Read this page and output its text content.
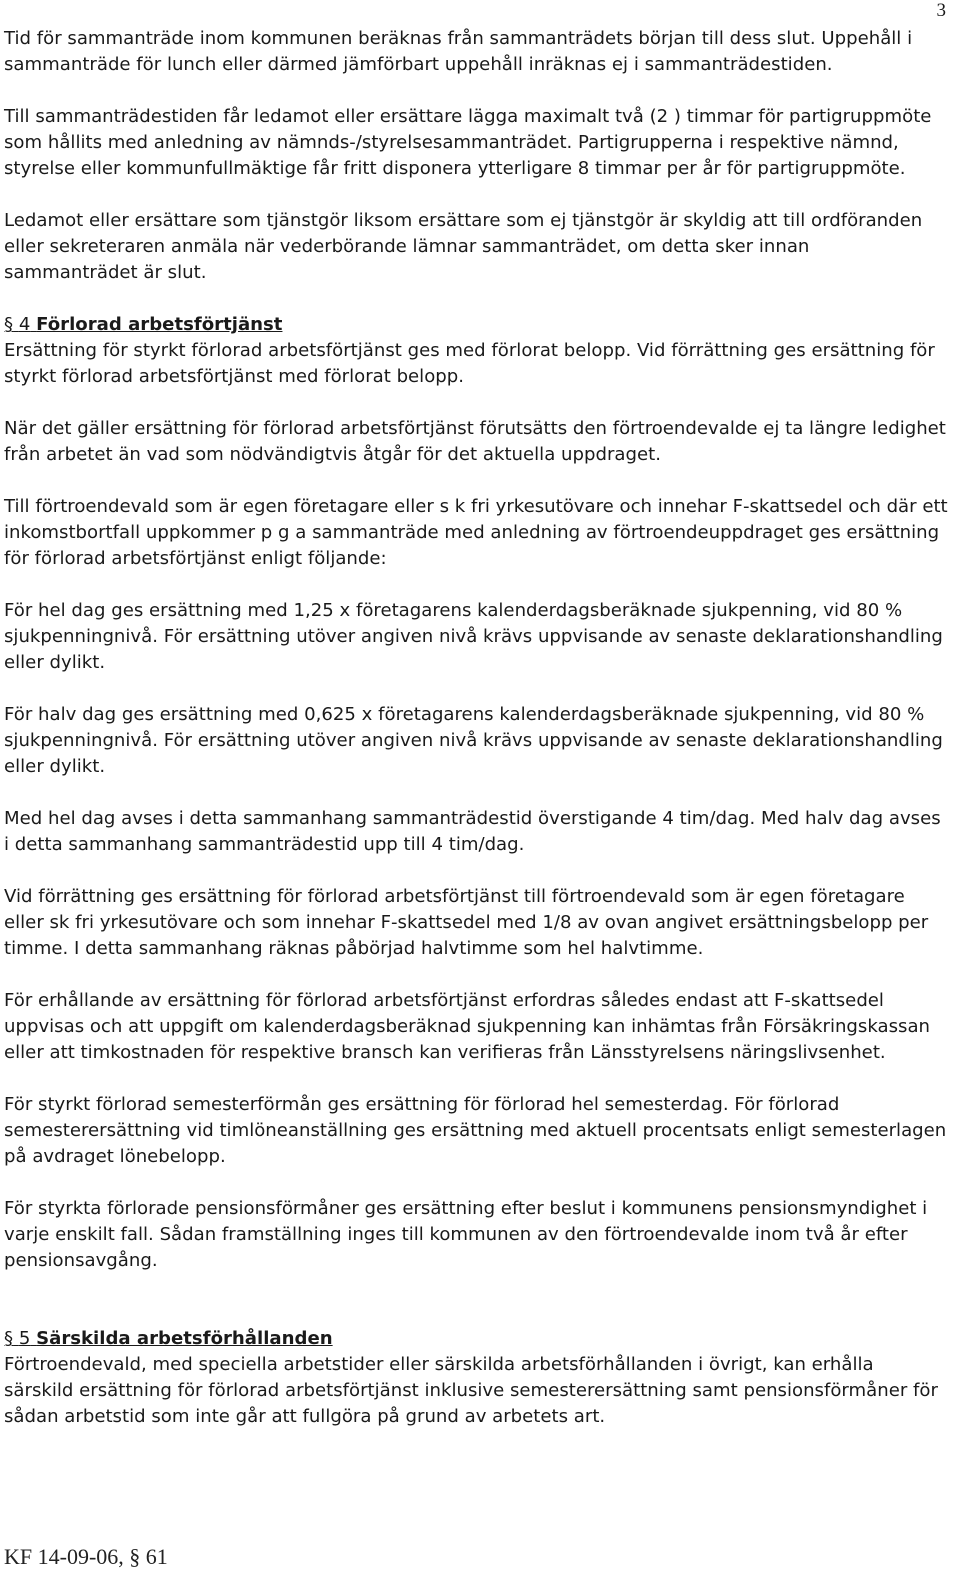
3

Tid för sammanträde inom kommunen beräknas från sammanträdets början till dess slut. Uppehåll i sammanträde för lunch eller därmed jämförbart uppehåll inräknas ej i sammanträdestiden.

Till sammanträdestiden får ledamot eller ersättare lägga maximalt två (2 ) timmar för partigruppmöte som hållits med anledning av nämnds-/styrelsesammanträdet. Partigrupperna i respektive nämnd, styrelse eller kommunfullmäktige får fritt disponera ytterligare 8 timmar per år för partigruppmöte.

Ledamot eller ersättare som tjänstgör liksom ersättare som ej tjänstgör är skyldig att till ordföranden eller sekreteraren anmäla när vederbörande lämnar sammanträdet, om detta sker innan sammanträdet är slut.

§ 4 Förlorad arbetsförtjänst

Ersättning för styrkt förlorad arbetsförtjänst ges med förlorat belopp. Vid förrättning ges ersättning för styrkt förlorad arbetsförtjänst med förlorat belopp.

När det gäller ersättning för förlorad arbetsförtjänst förutsätts den förtroendevalde ej ta längre ledighet från arbetet än vad som nödvändigtvis åtgår för det aktuella uppdraget.

Till förtroendevald som är egen företagare eller s k fri yrkesutövare och innehar F-skattsedel och där ett inkomstbortfall uppkommer p g a sammanträde med anledning av förtroendeuppdraget ges ersättning för förlorad arbetsförtjänst enligt följande:

För hel dag ges ersättning med 1,25 x företagarens kalenderdagsberäknade sjukpenning, vid 80 % sjukpenningnivå. För ersättning utöver angiven nivå krävs uppvisande av senaste deklarationshandling eller dylikt.

För halv dag ges ersättning med 0,625 x företagarens kalenderdagsberäknade sjukpenning, vid 80 % sjukpenningnivå. För ersättning utöver angiven nivå krävs uppvisande av senaste deklarationshandling eller dylikt.

Med hel dag avses i detta sammanhang sammanträdestid överstigande 4 tim/dag. Med halv dag avses i detta sammanhang sammanträdestid upp till 4 tim/dag.

Vid förrättning ges ersättning för förlorad arbetsförtjänst till förtroendevald som är egen företagare eller sk fri yrkesutövare och som innehar F-skattsedel med 1/8 av ovan angivet ersättningsbelopp per timme. I detta sammanhang räknas påbörjad halvtimme som hel halvtimme.

För erhållande av ersättning för förlorad arbetsförtjänst erfordras således endast att F-skattsedel uppvisas och att uppgift om kalenderdagsberäknad sjukpenning kan inhämtas från Försäkringskassan eller att timkostnaden för respektive bransch kan verifieras från Länsstyrelsens näringslivsenhet.

För styrkt förlorad semesterförmån ges ersättning för förlorad hel semesterdag. För förlorad semesterersättning vid timlöneanställning ges ersättning med aktuell procentsats enligt semesterlagen på avdraget lönebelopp.

För styrkta förlorade pensionsförmåner ges ersättning efter beslut i kommunens pensionsmyndighet i varje enskilt fall. Sådan framställning inges till kommunen av den förtroendevalde inom två år efter pensionsavgång.

§ 5 Särskilda arbetsförhållanden

Förtroendevald, med speciella arbetstider eller särskilda arbetsförhållanden i övrigt, kan erhålla särskild ersättning för förlorad arbetsförtjänst inklusive semesterersättning samt pensionsförmåner för sådan arbetstid som inte går att fullgöra på grund av arbetets art.

KF 14-09-06, § 61
